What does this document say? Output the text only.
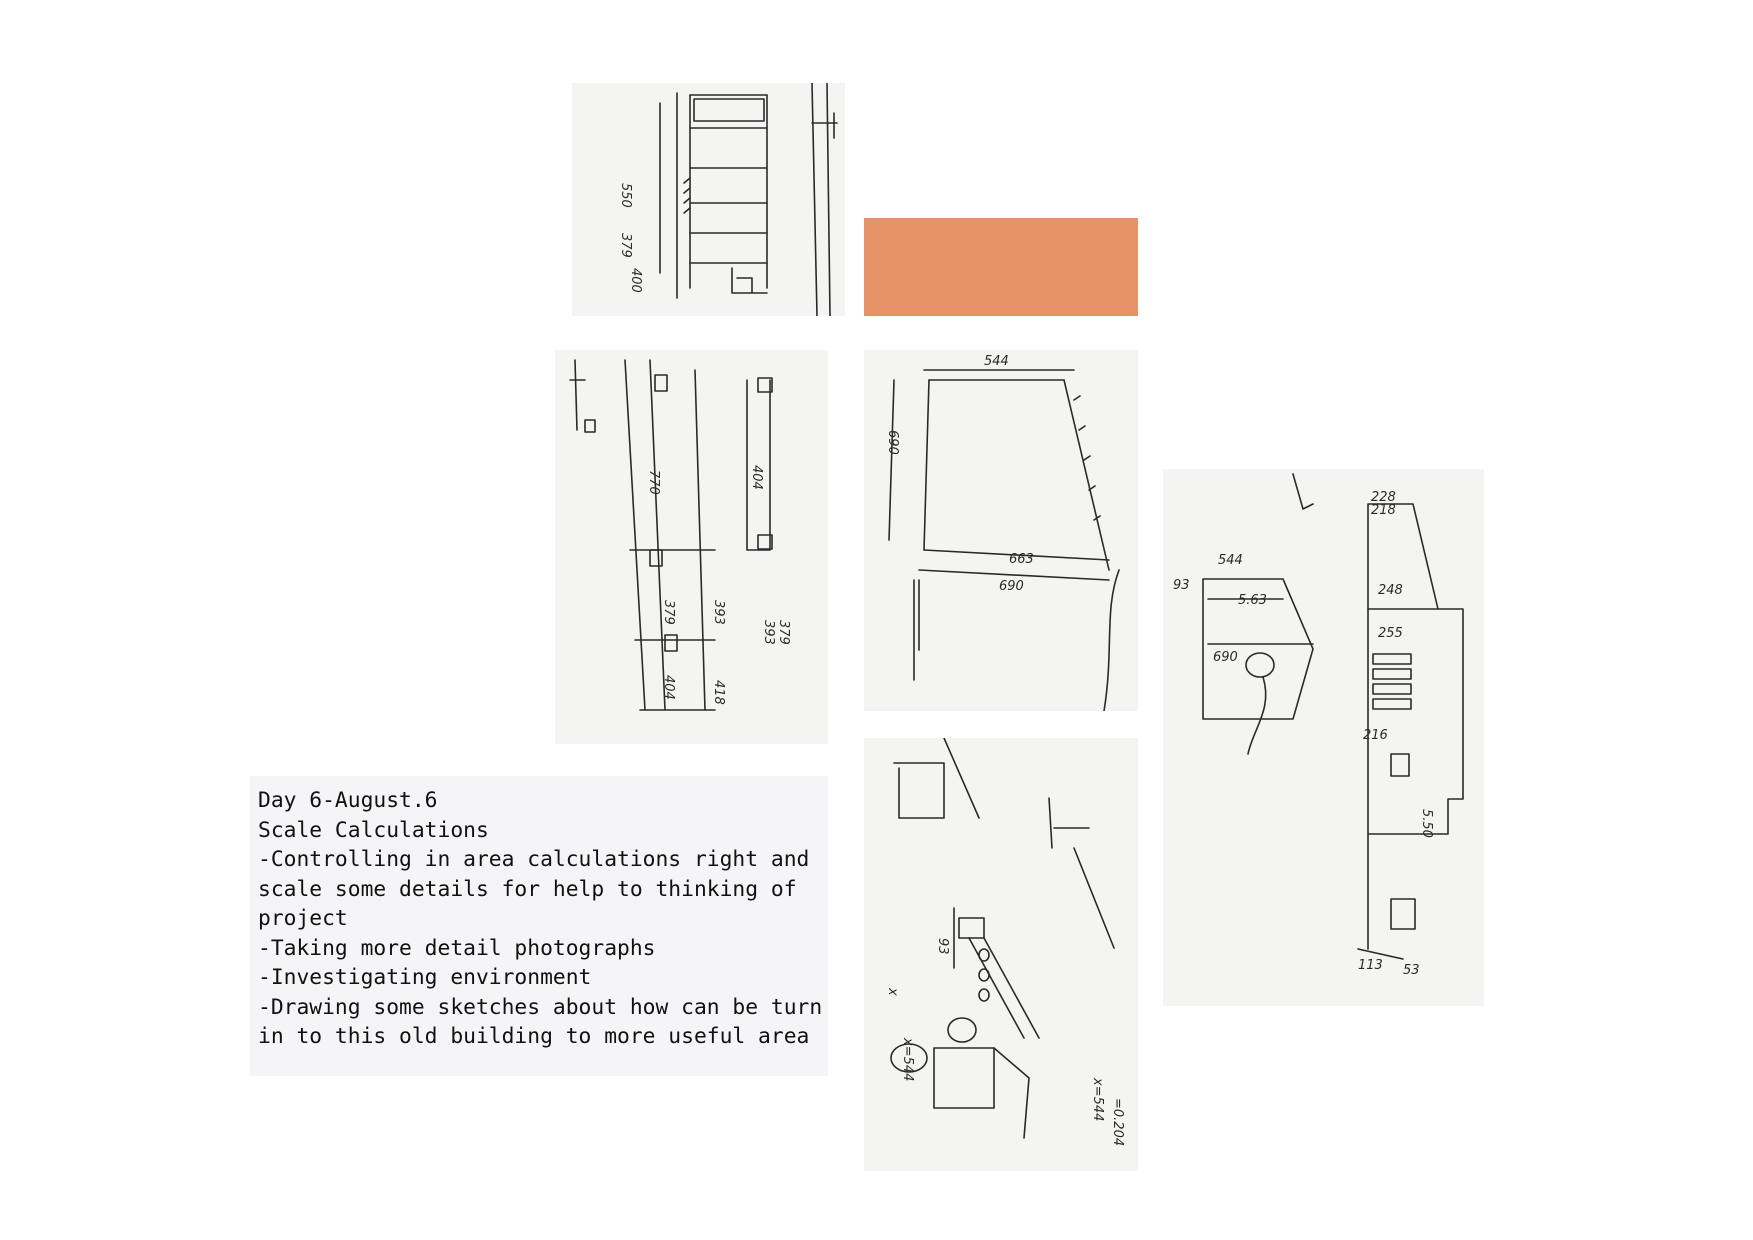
550
379
400
770
379	393
404	418
404
379
393
544
663
690
690
93
x
x=544
x=544 =0.204
228
218
544
5.63
690
93	248
255
216
5.50
113 53
Day 6-August.6
Scale Calculations
-Controlling in area calculations right and
scale some details for help to thinking of
project
-Taking more detail photographs
-Investigating environment
-Drawing some sketches about how can be turn
in to this old building to more useful area
